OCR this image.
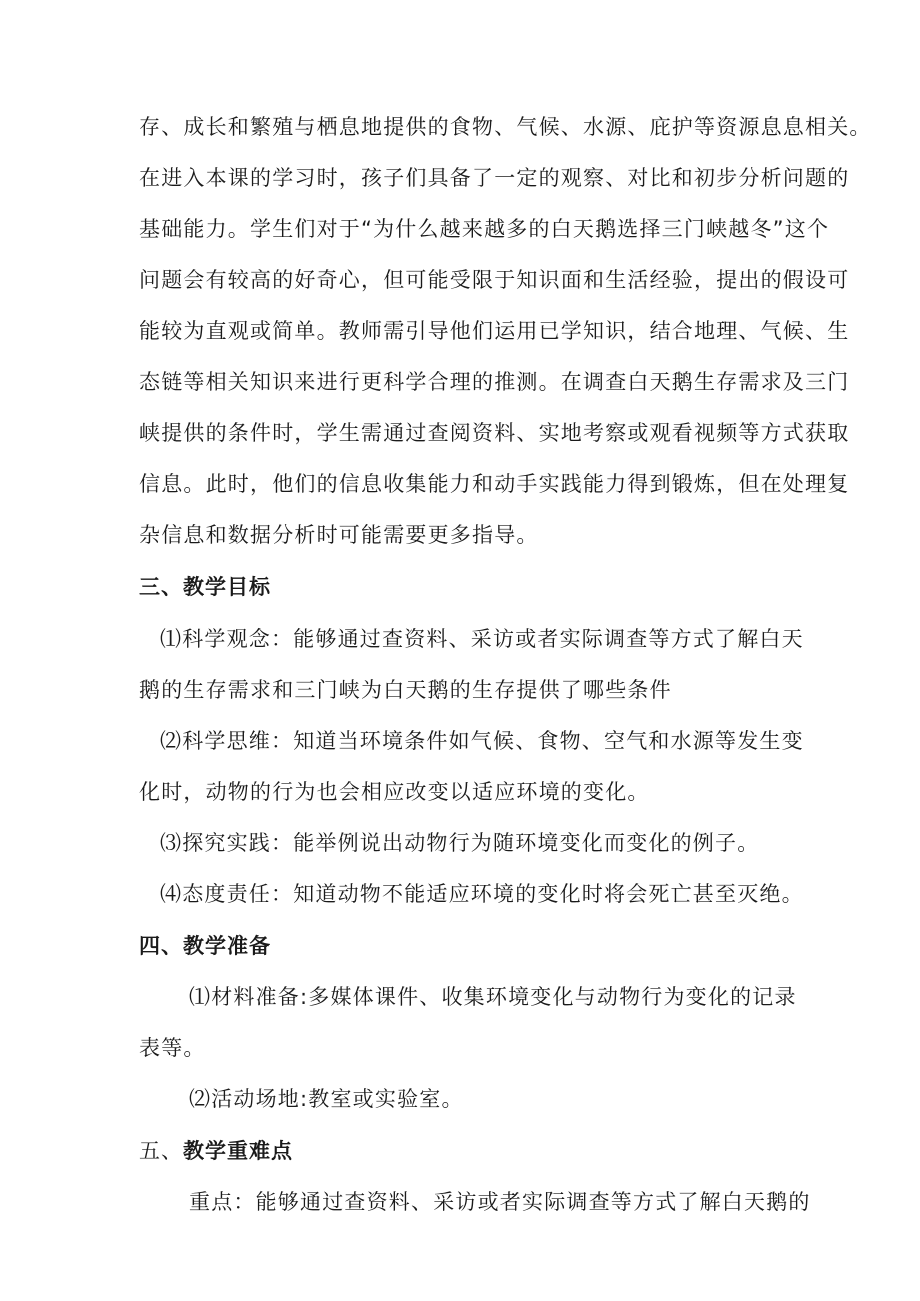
存、成长和繁殖与栖息地提供的食物、气候、水源、庇护等资源息息相关。
在进入本课的学习时，孩子们具备了一定的观察、对比和初步分析问题的
基础能力。学生们对于“为什么越来越多的白天鹅选择三门峡越冬”这个
问题会有较高的好奇心，但可能受限于知识面和生活经验，提出的假设可
能较为直观或简单。教师需引导他们运用已学知识，结合地理、气候、生
态链等相关知识来进行更科学合理的推测。在调查白天鹅生存需求及三门
峡提供的条件时，学生需通过查阅资料、实地考察或观看视频等方式获取
信息。此时，他们的信息收集能力和动手实践能力得到锻炼，但在处理复
杂信息和数据分析时可能需要更多指导。
三、教学目标
⑴科学观念：能够通过查资料、采访或者实际调查等方式了解白天
鹅的生存需求和三门峡为白天鹅的生存提供了哪些条件
⑵科学思维：知道当环境条件如气候、食物、空气和水源等发生变
化时，动物的行为也会相应改变以适应环境的变化。
⑶探究实践：能举例说出动物行为随环境变化而变化的例子。
⑷态度责任：知道动物不能适应环境的变化时将会死亡甚至灭绝。
四、教学准备
⑴材料准备:多媒体课件、收集环境变化与动物行为变化的记录
表等。
⑵活动场地:教室或实验室。
五、教学重难点
重点：能够通过查资料、采访或者实际调查等方式了解白天鹅的
